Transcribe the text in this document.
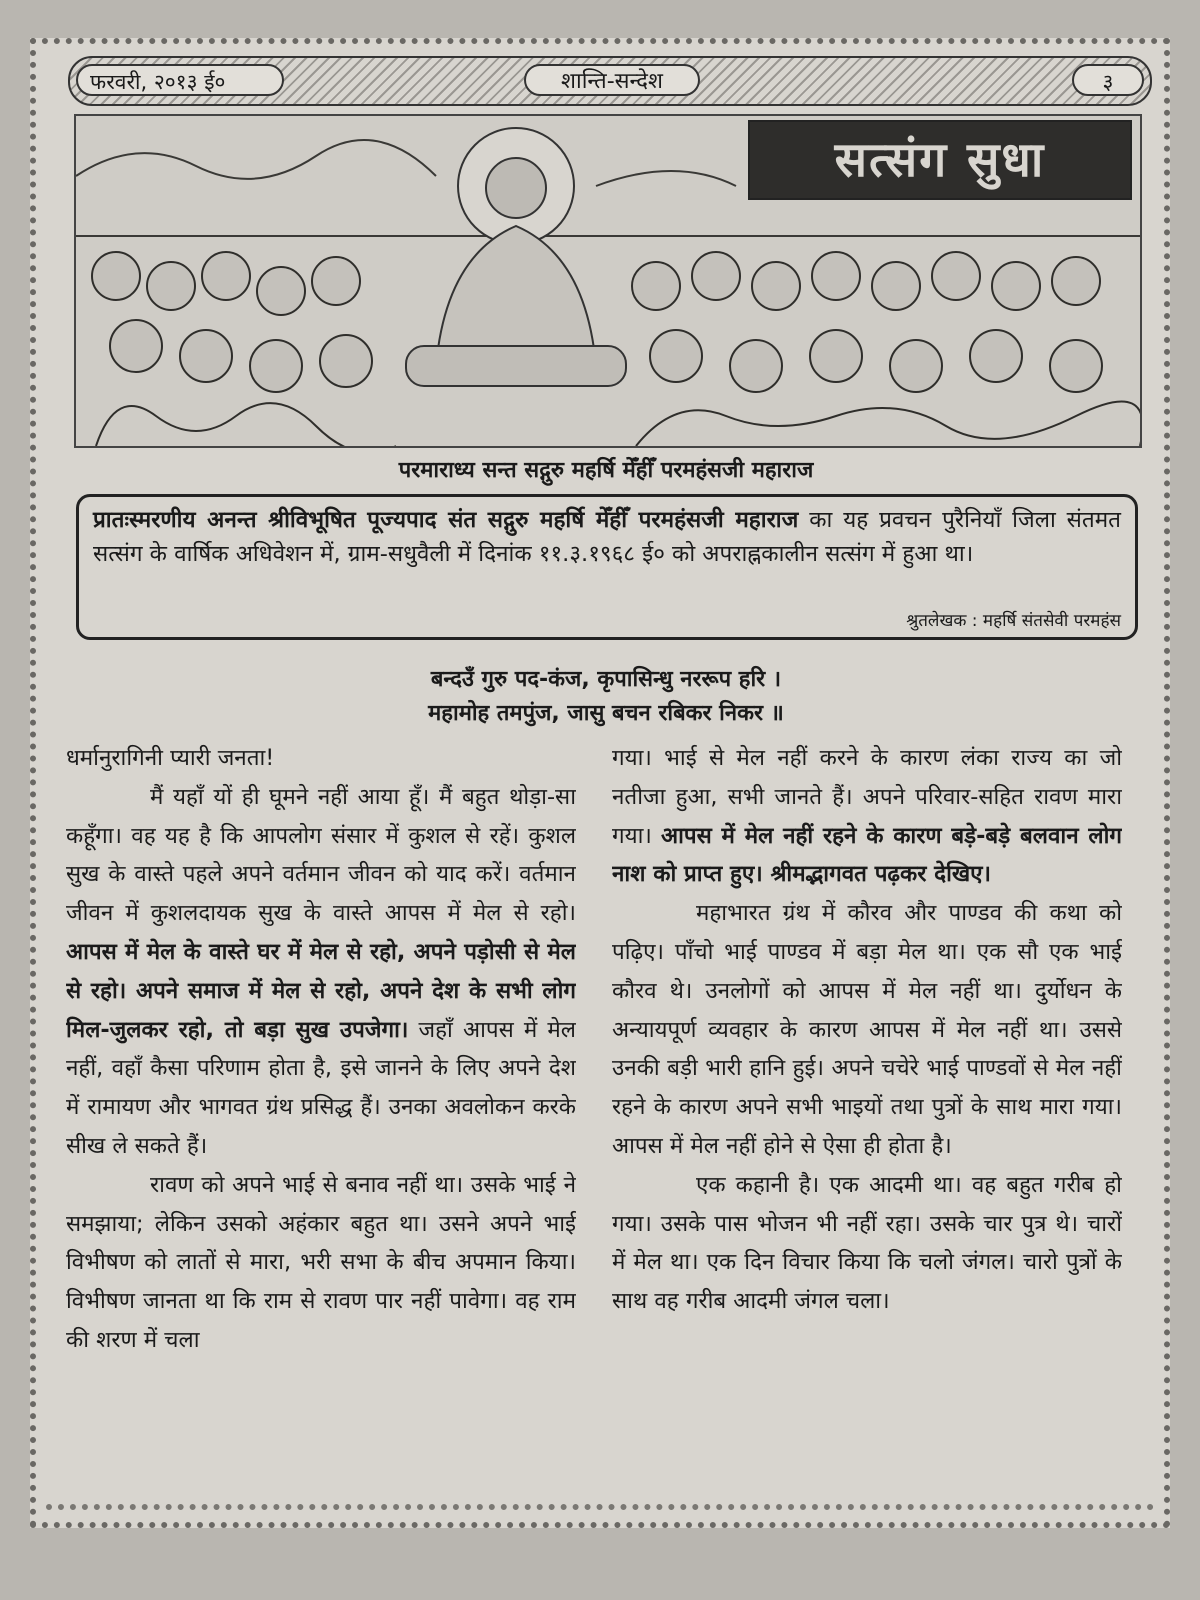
फरवरी, २०१३ ई०	शान्ति-सन्देश	३
सत्संग सुधा
परमाराध्य सन्त सद्गुरु महर्षि मेँहीँ परमहंसजी महाराज
प्रातःस्मरणीय अनन्त श्रीविभूषित पूज्यपाद संत सद्गुरु महर्षि मेँहीँ परमहंसजी महाराज का यह प्रवचन पुरैनियाँ जिला संतमत सत्संग के वार्षिक अधिवेशन में, ग्राम-सधुवैली में दिनांक ११.३.१९६८ ई० को अपराह्नकालीन सत्संग में हुआ था।
श्रुतलेखक : महर्षि संतसेवी परमहंस
बन्दउँ गुरु पद-कंज, कृपासिन्धु नररूप हरि ।
महामोह तमपुंज, जासु बचन रबिकर निकर ॥

धर्मानुरागिनी प्यारी जनता!

मैं यहाँ यों ही घूमने नहीं आया हूँ। मैं बहुत थोड़ा-सा कहूँगा। वह यह है कि आपलोग संसार में कुशल से रहें। कुशल सुख के वास्ते पहले अपने वर्तमान जीवन को याद करें। वर्तमान जीवन में कुशलदायक सुख के वास्ते आपस में मेल से रहो। आपस में मेल के वास्ते घर में मेल से रहो, अपने पड़ोसी से मेल से रहो। अपने समाज में मेल से रहो, अपने देश के सभी लोग मिल-जुलकर रहो, तो बड़ा सुख उपजेगा। जहाँ आपस में मेल नहीं, वहाँ कैसा परिणाम होता है, इसे जानने के लिए अपने देश में रामायण और भागवत ग्रंथ प्रसिद्ध हैं। उनका अवलोकन करके सीख ले सकते हैं।

रावण को अपने भाई से बनाव नहीं था। उसके भाई ने समझाया; लेकिन उसको अहंकार बहुत था। उसने अपने भाई विभीषण को लातों से मारा, भरी सभा के बीच अपमान किया। विभीषण जानता था कि राम से रावण पार नहीं पावेगा। वह राम की शरण में चला

गया। भाई से मेल नहीं करने के कारण लंका राज्य का जो नतीजा हुआ, सभी जानते हैं। अपने परिवार-सहित रावण मारा गया। आपस में मेल नहीं रहने के कारण बड़े-बड़े बलवान लोग नाश को प्राप्त हुए। श्रीमद्भागवत पढ़कर देखिए।

महाभारत ग्रंथ में कौरव और पाण्डव की कथा को पढ़िए। पाँचो भाई पाण्डव में बड़ा मेल था। एक सौ एक भाई कौरव थे। उनलोगों को आपस में मेल नहीं था। दुर्योधन के अन्यायपूर्ण व्यवहार के कारण आपस में मेल नहीं था। उससे उनकी बड़ी भारी हानि हुई। अपने चचेरे भाई पाण्डवों से मेल नहीं रहने के कारण अपने सभी भाइयों तथा पुत्रों के साथ मारा गया। आपस में मेल नहीं होने से ऐसा ही होता है।

एक कहानी है। एक आदमी था। वह बहुत गरीब हो गया। उसके पास भोजन भी नहीं रहा। उसके चार पुत्र थे। चारों में मेल था। एक दिन विचार किया कि चलो जंगल। चारो पुत्रों के साथ वह गरीब आदमी जंगल चला।
